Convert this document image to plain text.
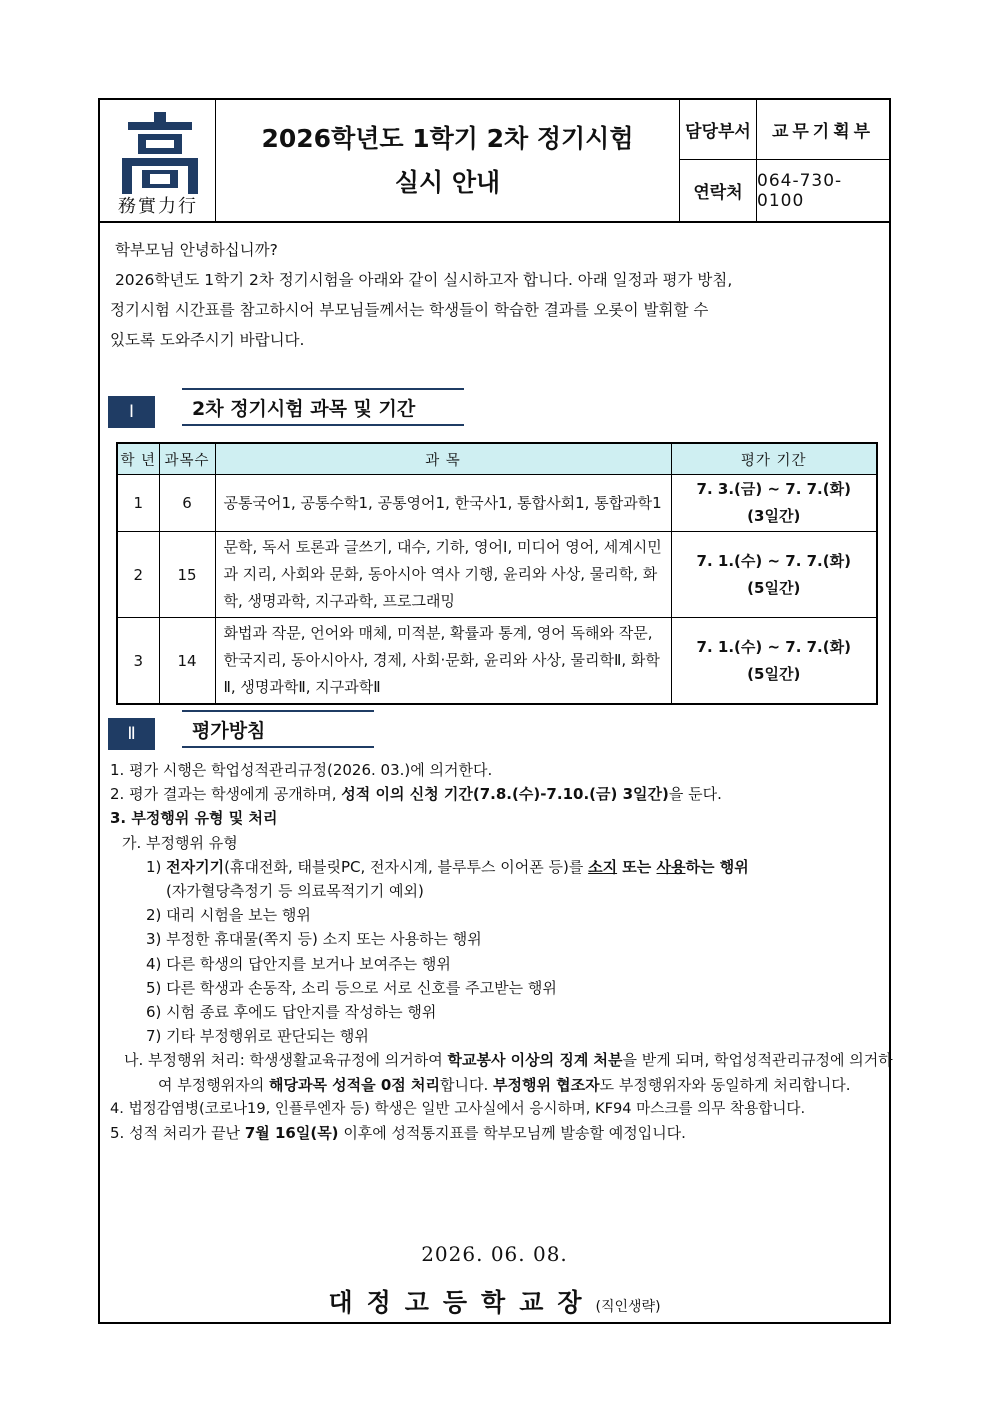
務實力行
2026학년도 1학기 2차 정기시험
실시 안내
담당부서	교무기획부
연락처
064-730-0100

학부모님 안녕하십니까?

2026학년도 1학기 2차 정기시험을 아래와 같이 실시하고자 합니다. 아래 일정과 평가 방침,

정기시험 시간표를 참고하시어 부모님들께서는 학생들이 학습한 결과를 오롯이 발휘할 수

있도록 도와주시기 바랍니다.

Ⅰ	2차 정기시험 과목 및 기간
학 년	과목수	과 목	평가 기간
1	6	공통국어1, 공통수학1, 공통영어1, 한국사1, 통합사회1, 통합과학1	7. 3.(금) ~ 7. 7.(화)
(3일간)

2	15	문학, 독서 토론과 글쓰기, 대수, 기하, 영어Ⅰ, 미디어 영어, 세계시민과 지리, 사회와 문화, 동아시아 역사 기행, 윤리와 사상, 물리학, 화학, 생명과학, 지구과학, 프로그래밍	7. 1.(수) ~ 7. 7.(화)
(5일간)

3	14	화법과 작문, 언어와 매체, 미적분, 확률과 통계, 영어 독해와 작문, 한국지리, 동아시아사, 경제, 사회·문화, 윤리와 사상, 물리학Ⅱ, 화학Ⅱ, 생명과학Ⅱ, 지구과학Ⅱ	7. 1.(수) ~ 7. 7.(화)
(5일간)
Ⅱ	평가방침
1. 평가 시행은 학업성적관리규정(2026. 03.)에 의거한다.
2. 평가 결과는 학생에게 공개하며, 성적 이의 신청 기간(7.8.(수)-7.10.(금) 3일간)을 둔다.
3. 부정행위 유형 및 처리
가. 부정행위 유형
1) 전자기기(휴대전화, 태블릿PC, 전자시계, 블루투스 이어폰 등)를 소지 또는 사용하는 행위
(자가혈당측정기 등 의료목적기기 예외)
2) 대리 시험을 보는 행위
3) 부정한 휴대물(쪽지 등) 소지 또는 사용하는 행위
4) 다른 학생의 답안지를 보거나 보여주는 행위
5) 다른 학생과 손동작, 소리 등으로 서로 신호를 주고받는 행위
6) 시험 종료 후에도 답안지를 작성하는 행위
7) 기타 부정행위로 판단되는 행위
나. 부정행위 처리: 학생생활교육규정에 의거하여 학교봉사 이상의 징계 처분을 받게 되며, 학업성적관리규정에 의거하여 부정행위자의 해당과목 성적을 0점 처리합니다. 부정행위 협조자도 부정행위자와 동일하게 처리합니다.
4. 법정감염병(코로나19, 인플루엔자 등) 학생은 일반 고사실에서 응시하며, KF94 마스크를 의무 착용합니다.
5. 성적 처리가 끝난 7월 16일(목) 이후에 성적통지표를 학부모님께 발송할 예정입니다.
2026. 06. 08.
대정고등학교장(직인생략)
